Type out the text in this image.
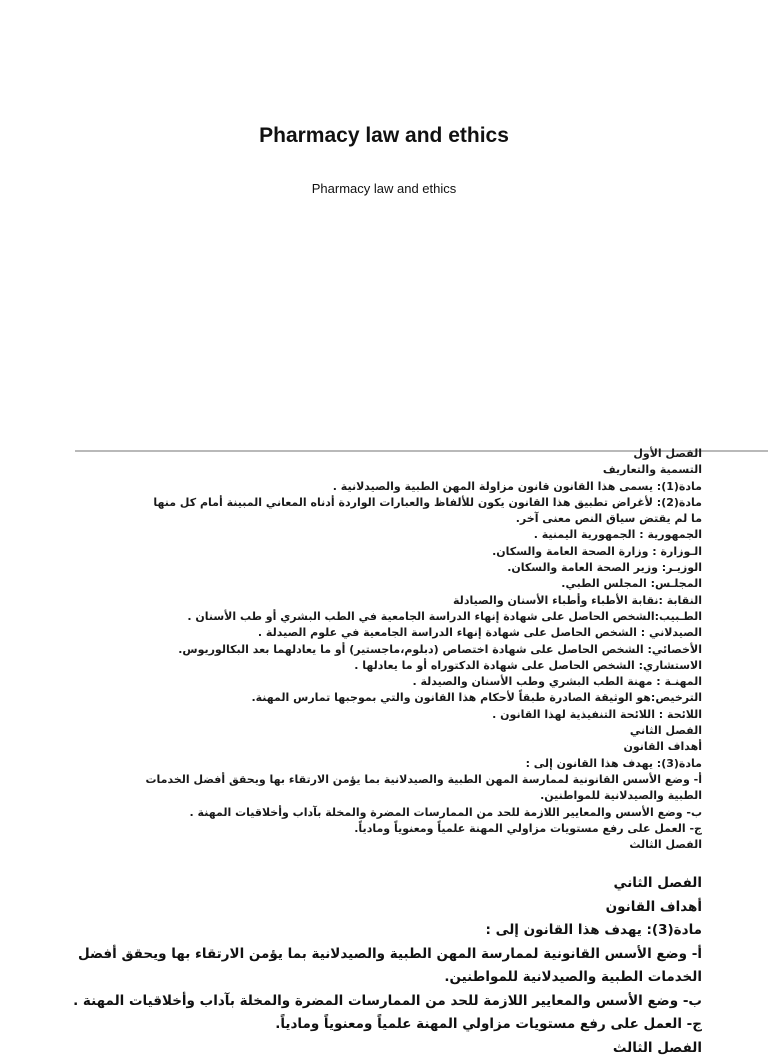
Pharmacy law and ethics
Pharmacy law and ethics
الفصل الأول
التسمية والتعاريف
مادة(1): يسمى هذا القانون قانون مزاولة المهن الطبية والصيدلانية .
مادة(2): لأغراض تطبيق هذا القانون يكون للألفاظ والعبارات الواردة أدناه المعاني المبينة أمام كل منها ما لم يقتض سياق النص معنى آخر.
الجمهورية : الجمهورية اليمنية .
الـوزارة : وزارة الصحة العامة والسكان.
الوزيـر: وزير الصحة العامة والسكان.
المجلـس: المجلس الطبي.
النقابة :نقابة الأطباء وأطباء الأسنان والصيادلة
الطـبيب:الشخص الحاصل على شهادة إنهاء الدراسة الجامعية في الطب البشري أو طب الأسنان .
الصيدلاني : الشخص الحاصل على شهادة إنهاء الدراسة الجامعية في علوم الصيدلة .
الأخصائي: الشخص الحاصل على شهادة اختصاص (دبلوم،ماجستير) أو ما يعادلهما بعد البكالوريوس.
الاستشاري: الشخص الحاصل على شهادة الدكتوراه أو ما يعادلها .
المهنـة : مهنة الطب البشري وطب الأسنان والصيدلة .
الترخيص:هو الوثيقة الصادرة طبقاً لأحكام هذا القانون والتي بموجبها تمارس المهنة.
اللائحة : اللائحة التنفيذية لهذا القانون .
الفصل الثاني
أهداف القانون
مادة(3): يهدف هذا القانون إلى :
أ- وضع الأسس القانونية لممارسة المهن الطبية والصيدلانية بما يؤمن الارتقاء بها ويحقق أفضل الخدمات الطبية والصيدلانية للمواطنين.
ب- وضع الأسس والمعايير اللازمة للحد من الممارسات المضرة والمخلة بآداب وأخلاقيات المهنة .
ج- العمل على رفع مستويات مزاولي المهنة علمياً ومعنوياً ومادياً.
الفصل الثالث
الفصل الثاني
أهداف القانون
مادة(3): يهدف هذا القانون إلى :
أ- وضع الأسس القانونية لممارسة المهن الطبية والصيدلانية بما يؤمن الارتقاء بها ويحقق أفضل الخدمات الطبية والصيدلانية للمواطنين.
ب- وضع الأسس والمعايير اللازمة للحد من الممارسات المضرة والمخلة بآداب وأخلاقيات المهنة .
ج- العمل على رفع مستويات مزاولي المهنة علمياً ومعنوياً ومادياً.
الفصل الثالث
